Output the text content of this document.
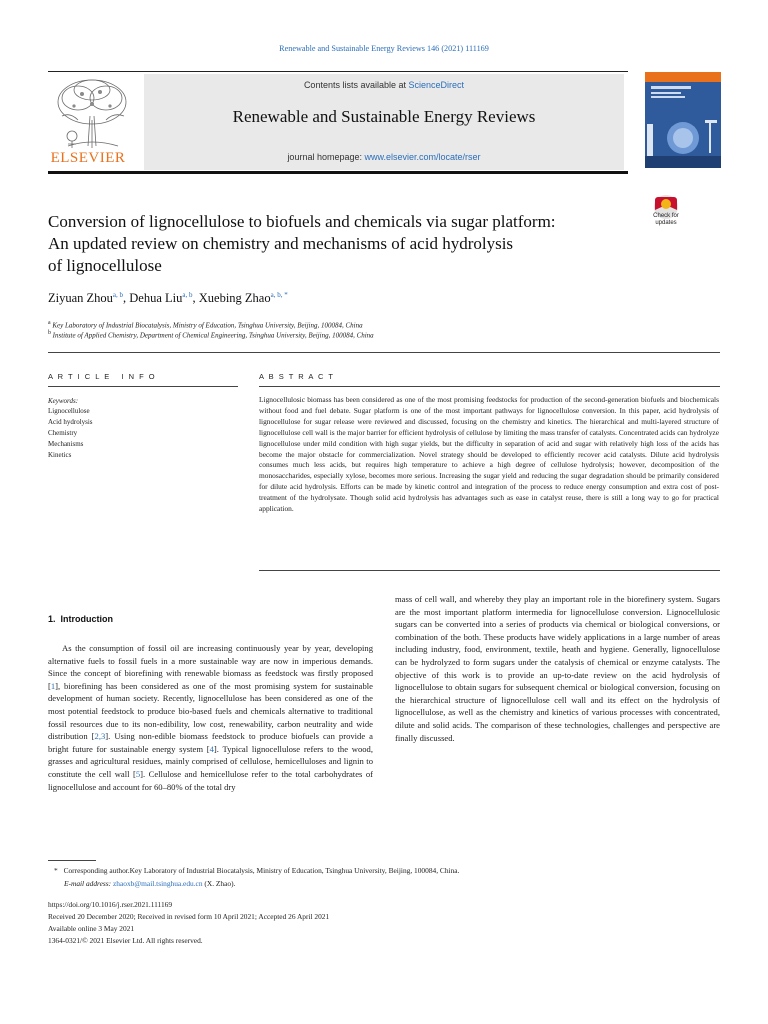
Renewable and Sustainable Energy Reviews 146 (2021) 111169
ELSEVIER
Contents lists available at ScienceDirect
Renewable and Sustainable Energy Reviews
journal homepage: www.elsevier.com/locate/rser
Conversion of lignocellulose to biofuels and chemicals via sugar platform:
An updated review on chemistry and mechanisms of acid hydrolysis
of lignocellulose
Check for
updates
Ziyuan Zhou$^{a, b}$, Dehua Liu$^{a, b}$, Xuebing Zhao$^{a, b, *}$
$^a$ Key Laboratory of Industrial Biocatalysis, Ministry of Education, Tsinghua University, Beijing, 100084, China
$^b$ Institute of Applied Chemistry, Department of Chemical Engineering, Tsinghua University, Beijing, 100084, China
A R T I C L E   I N F O	A B S T R A C T
Keywords:
Lignocellulose
Acid hydrolysis
Chemistry
Mechanisms
Kinetics
Lignocellulosic biomass has been considered as one of the most promising feedstocks for production of the second-generation biofuels and biochemicals without food and fuel debate. Sugar platform is one of the most important pathways for lignocellulose conversion. In this paper, acid hydrolysis of lignocellulose for sugar release were reviewed and discussed, focusing on the chemistry and kinetics. The hierarchical and multi-layered structure of lignocellulose cell wall is the major barrier for efficient hydrolysis of cellulose by limiting the mass transfer of catalysts. Concentrated acids can hydrolyze lignocellulose under mild condition with high sugar yields, but the difficulty in separation of acid and sugar with relatively high loss of the acids has become the major obstacle for commercialization. Novel strategy should be developed to efficiently recover acid catalysts. Dilute acid hydrolysis consumes much less acids, but requires high temperature to achieve a high degree of cellulose hydrolysis; however, decomposition of the monosaccharides, especially xylose, becomes more serious. Increasing the sugar yield and reducing the sugar degradation should be primarily considered for dilute acid hydrolysis. Efforts can be made by kinetic control and integration of the process to reduce energy consumption and extra cost of post-treatment of the hydrolysate. Though solid acid hydrolysis has advantages such as ease in catalyst reuse, there is still a long way to go for practical application.
1.  Introduction
As the consumption of fossil oil are increasing continuously year by year, developing alternative fuels to fossil fuels in a more sustainable way are now in imperious demands. Since the concept of biorefining with renewable biomass as feedstock was firstly proposed [1], biorefining has been considered as one of the most promising system for sustainable development of human society. Recently, lignocellulose has been considered as one of the most potential feedstock to produce bio-based fuels and chemicals alternative to traditional fossil resources due to its non-edibility, low cost, renewability, carbon neutrality and wide distribution [2,3]. Using non-edible biomass feedstock to produce biofuels can provide a bright future for sustainable energy system [4]. Typical lignocellulose refers to the wood, grasses and agricultural residues, mainly comprised of cellulose, hemicelluloses and lignin to constitute the cell wall [5]. Cellulose and hemicellulose refer to the total carbohydrates of lignocellulose and account for 60–80% of the total dry
mass of cell wall, and whereby they play an important role in the biorefinery system. Sugars are the most important platform intermedia for lignocellulose conversion. Lignocellulosic sugars can be converted into a series of products via chemical or biological conversions, or combination of the both. These products have widely applications in a large number of areas including industry, food, environment, textile, heath and hygiene. Generally, lignocellulose can be hydrolyzed to form sugars under the catalysis of chemical or enzyme catalysts. The objective of this work is to provide an up-to-date review on the acid hydrolysis of lignocellulose to obtain sugars for subsequent chemical or biological conversion, focusing on the hierarchical structure of lignocellulose cell wall and its effect on the hydrolysis of lignocellulose, as well as the chemistry and kinetics of various processes with concentrated, dilute and solid acids. The comparison of these technologies, challenges and perspective are finally discussed.
* Corresponding author.Key Laboratory of Industrial Biocatalysis, Ministry of Education, Tsinghua University, Beijing, 100084, China.
E-mail address: zhaoxb@mail.tsinghua.edu.cn (X. Zhao).
https://doi.org/10.1016/j.rser.2021.111169
Received 20 December 2020; Received in revised form 10 April 2021; Accepted 26 April 2021
Available online 3 May 2021
1364-0321/© 2021 Elsevier Ltd. All rights reserved.
